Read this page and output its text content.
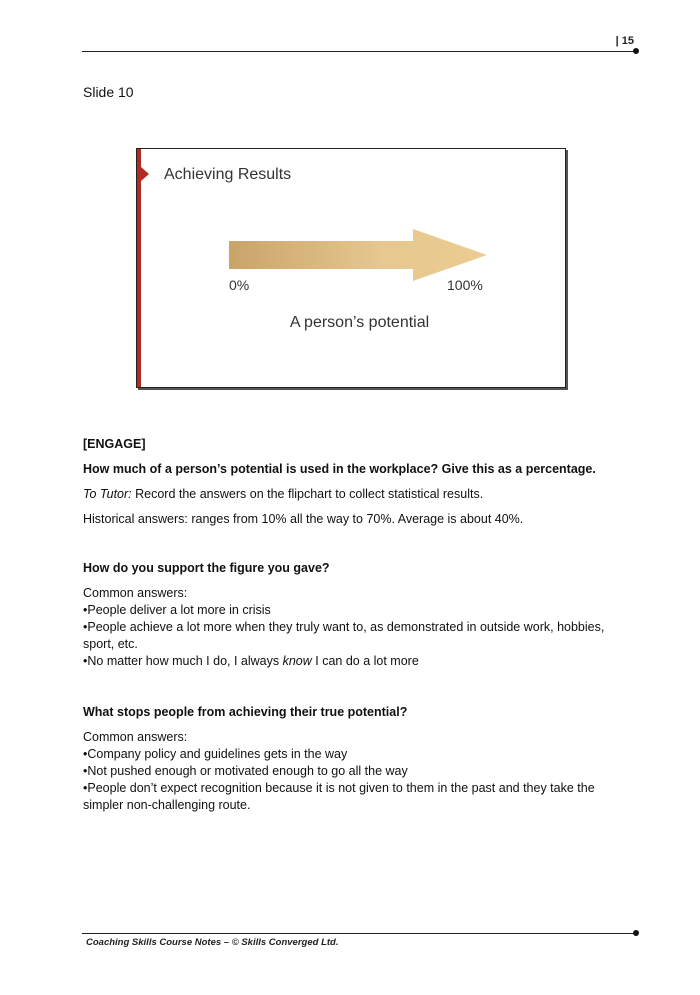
| 15
Slide 10
Achieving Results
0%	100%
A person’s potential

[ENGAGE]

How much of a person’s potential is used in the workplace? Give this as a percentage.

To Tutor: Record the answers on the flipchart to collect statistical results.

Historical answers: ranges from 10% all the way to 70%. Average is about 40%.

How do you support the figure you gave?

Common answers:

•People deliver a lot more in crisis

•People achieve a lot more when they truly want to, as demonstrated in outside work, hobbies, sport, etc.

•No matter how much I do, I always know I can do a lot more

What stops people from achieving their true potential?

Common answers:

•Company policy and guidelines gets in the way

•Not pushed enough or motivated enough to go all the way

•People don’t expect recognition because it is not given to them in the past and they take the simpler non-challenging route.

Coaching Skills Course Notes – © Skills Converged Ltd.
